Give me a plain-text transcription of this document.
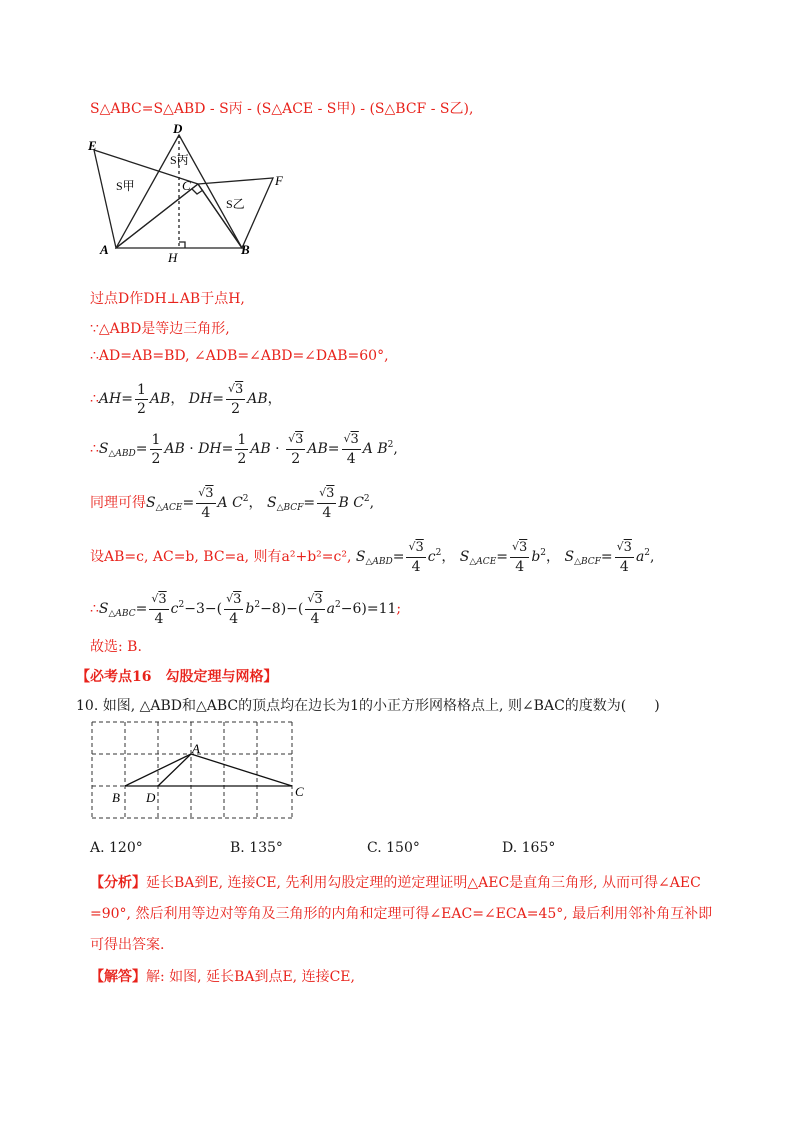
S△ABC=S△ABD - S丙 - (S△ACE - S甲) - (S△BCF - S乙),
E
D
F
C
A	B
H
S甲
S丙
S乙
过点D作DH⊥AB于点H,
∵△ABD是等边三角形,
∴AD=AB=BD, ∠ADB=∠ABD=∠DAB=60°,
∴AH= $\frac{1}{2}$ AB， $DH= \frac{√3}{2}$ AB，
$\therefore S_{\triangle ABD}= \frac{1}{2}$ AB · $DH= \frac{1}{2}$ AB · $\frac{√3}{2} AB= \frac{√3}{4}$ A $B^2$,
同理可得$S_{\triangle ACE}= \frac{√3}{4}$ A $C^2$， $S_{\triangle BCF}= \frac{√3}{4}$ B $C^2$,
设AB=c, AC=b, BC=a, 则有a²+b²=c², $S_{\triangle ABD}= \frac{√3}{4} c^2$， $S_{\triangle ACE}= \frac{√3}{4} b^2$， $S_{\triangle BCF}= \frac{√3}{4} a^2$,
$\therefore S_{\triangle ABC}= \frac{√3}{4} c^2-3-( \frac{√3}{4} b^2-8)-( \frac{√3}{4} a^2-6)=11$;
故选: B.
【必考点16　勾股定理与网格】
10. 如图, △ABD和△ABC的顶点均在边长为1的小正方形网格格点上, 则∠BAC的度数为(　　)
A
B D	C
A. 120°	B. 135°	C. 150°	D. 165°
【分析】延长BA到E, 连接CE, 先利用勾股定理的逆定理证明△AEC是直角三角形, 从而可得∠AEC
=90°, 然后利用等边对等角及三角形的内角和定理可得∠EAC=∠ECA=45°, 最后利用邻补角互补即
可得出答案.
【解答】解: 如图, 延长BA到点E, 连接CE,
